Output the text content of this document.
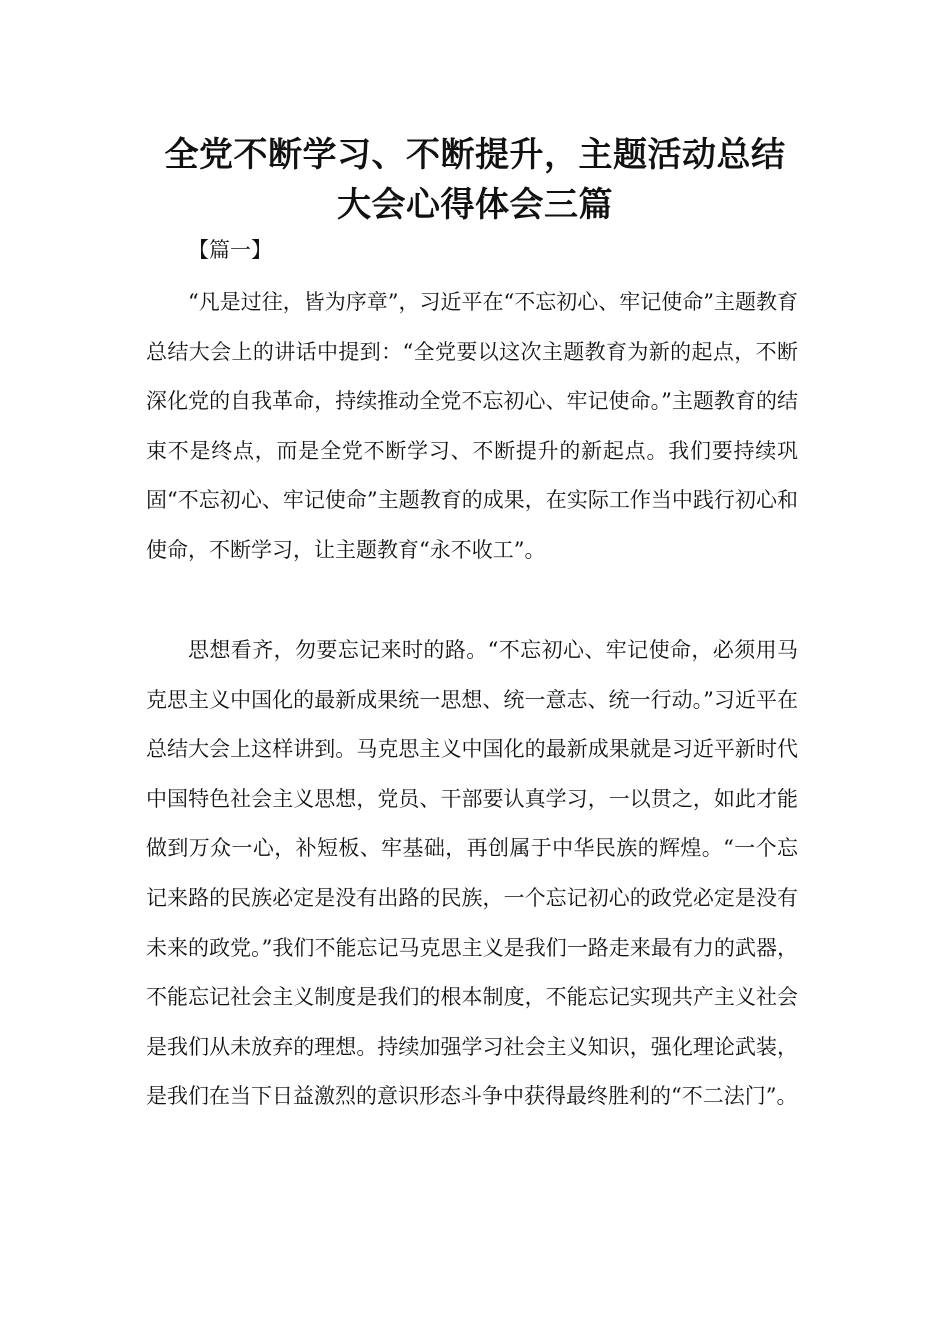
全党不断学习、不断提升，主题活动总结
大会心得体会三篇
【篇一】

“凡是过往，皆为序章”，习近平在“不忘初心、牢记使命”主题教育总结大会上的讲话中提到：“全党要以这次主题教育为新的起点，不断深化党的自我革命，持续推动全党不忘初心、牢记使命。”主题教育的结束不是终点，而是全党不断学习、不断提升的新起点。我们要持续巩固“不忘初心、牢记使命”主题教育的成果，在实际工作当中践行初心和使命，不断学习，让主题教育“永不收工”。

思想看齐，勿要忘记来时的路。“不忘初心、牢记使命，必须用马克思主义中国化的最新成果统一思想、统一意志、统一行动。”习近平在总结大会上这样讲到。马克思主义中国化的最新成果就是习近平新时代中国特色社会主义思想，党员、干部要认真学习，一以贯之，如此才能做到万众一心，补短板、牢基础，再创属于中华民族的辉煌。“一个忘记来路的民族必定是没有出路的民族，一个忘记初心的政党必定是没有未来的政党。”我们不能忘记马克思主义是我们一路走来最有力的武器，不能忘记社会主义制度是我们的根本制度，不能忘记实现共产主义社会是我们从未放弃的理想。持续加强学习社会主义知识，强化理论武装，是我们在当下日益激烈的意识形态斗争中获得最终胜利的“不二法门”。
